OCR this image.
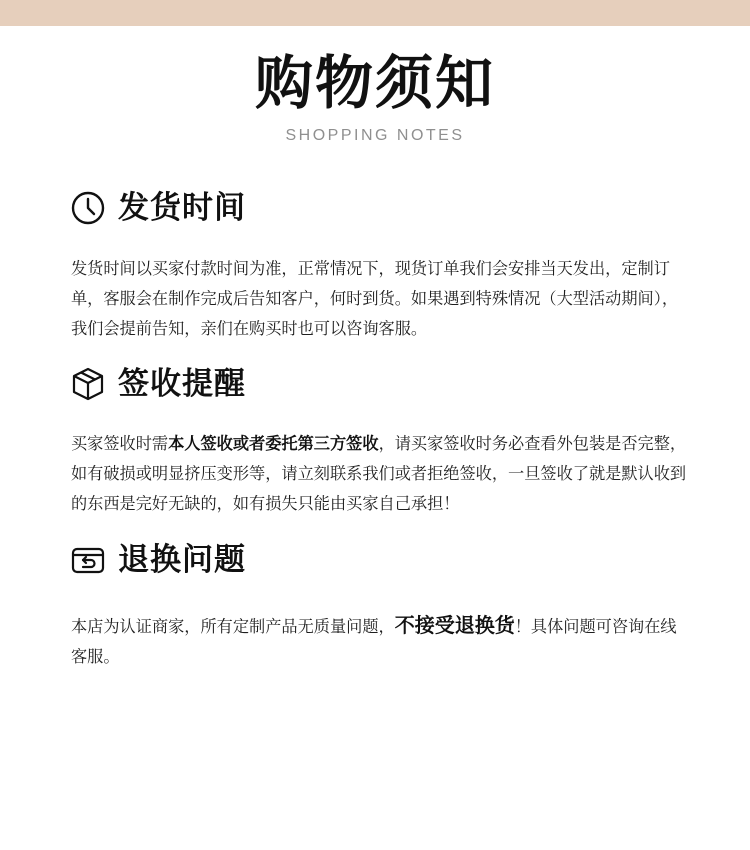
购物须知
SHOPPING NOTES
发货时间

发货时间以买家付款时间为准，正常情况下，现货订单我们会安排当天发出，定制订单，客服会在制作完成后告知客户，何时到货。如果遇到特殊情况（大型活动期间），我们会提前告知，亲们在购买时也可以咨询客服。

签收提醒

买家签收时需本人签收或者委托第三方签收，请买家签收时务必查看外包装是否完整，如有破损或明显挤压变形等，请立刻联系我们或者拒绝签收，一旦签收了就是默认收到的东西是完好无缺的，如有损失只能由买家自己承担！

退换问题

本店为认证商家，所有定制产品无质量问题，不接受退换货！具体问题可咨询在线客服。
